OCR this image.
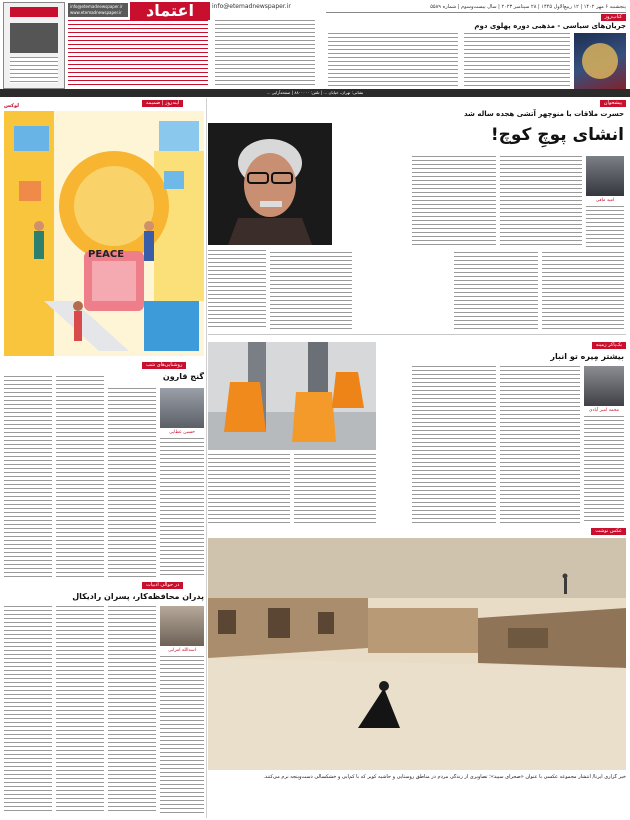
info@etemadnewspaper.ir
www.etemadnewspaper.ir
info@etemadnewspaper.ir
اعتماد	پنجشنبه ۶ مهر ۱۴۰۲ | ۱۲ ربیع‌الاول ۱۴۴۵ | ۲۸ سپتامبر ۲۰۲۳ | سال بیست‌وسوم | شماره ۵۵۸۹
کتاب‌روز
جریان‌های سیاسی - مذهبی دوره پهلوی دوم
نشانی: تهران، خیابان ... | تلفن: ۸۸۰۰۰۰۰ | صفحه‌آرایی ...
آینه‌روز | ضمیمه
لوکس
PEACE
روشنایی‌های شب
گنج قارون
حسین عطایی
در حوالی ادبیات
پدران محافظه‌کار، پسران رادیکال
اسدالله امرایی
پیشخوان
حسرت ملاقات با منوچهر آتشی هجده ساله شد
انشای پوچِ کوچ!
امید مافی
بک‌پاکر زمینه
بیشتر مِیره تو انبار
محمد امیر آبادی
عکس نوشت
خبر گزاری ایرنا/ انتشار مجموعه عکسی با عنوان «صحرای سپید»؛ تصاویری از زندگی مردم در مناطق روستایی و حاشیه کویر که با کم‌آبی و خشکسالی دست‌وپنجه نرم می‌کنند.
